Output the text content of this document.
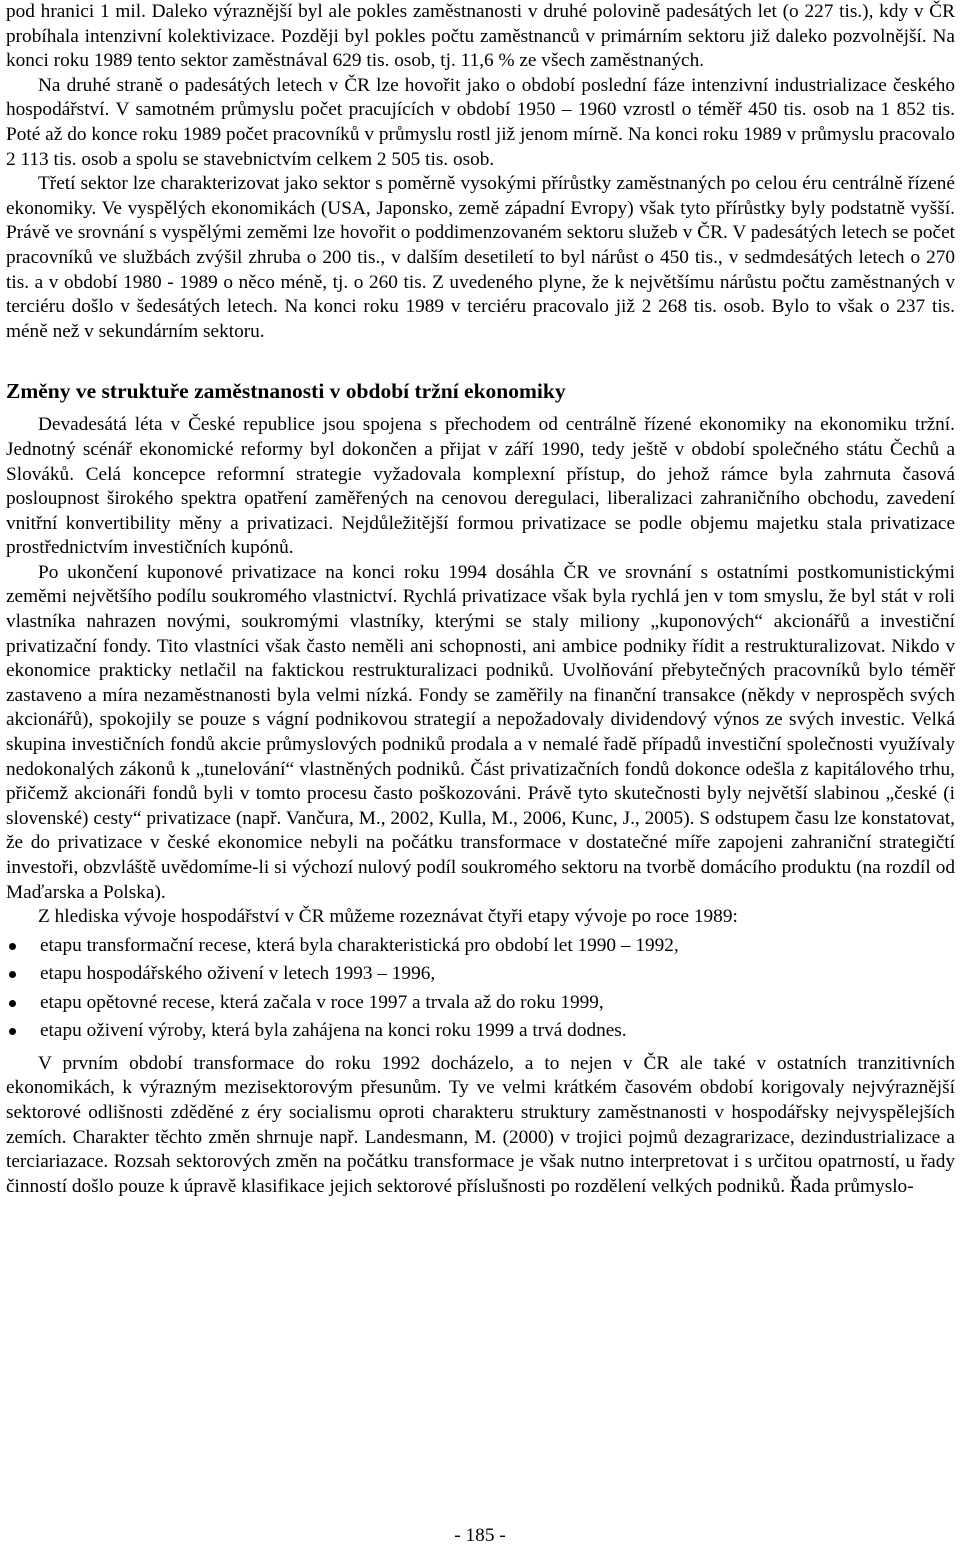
pod hranici 1 mil. Daleko výraznější byl ale pokles zaměstnanosti v druhé polovině padesátých let (o 227 tis.), kdy v ČR probíhala intenzivní kolektivizace. Později byl pokles počtu zaměstnanců v primárním sektoru již daleko pozvolnější. Na konci roku 1989 tento sektor zaměstnával 629 tis. osob, tj. 11,6 % ze všech zaměstnaných.

Na druhé straně o padesátých letech v ČR lze hovořit jako o období poslední fáze intenzivní industrializace českého hospodářství. V samotném průmyslu počet pracujících v období 1950 – 1960 vzrostl o téměř 450 tis. osob na 1 852 tis. Poté až do konce roku 1989 počet pracovníků v průmyslu rostl již jenom mírně. Na konci roku 1989 v průmyslu pracovalo 2 113 tis. osob a spolu se stavebnictvím celkem 2 505 tis. osob.

Třetí sektor lze charakterizovat jako sektor s poměrně vysokými přírůstky zaměstnaných po celou éru centrálně řízené ekonomiky. Ve vyspělých ekonomikách (USA, Japonsko, země západní Evropy) však tyto přírůstky byly podstatně vyšší. Právě ve srovnání s vyspělými zeměmi lze hovořit o poddimenzovaném sektoru služeb v ČR. V padesátých letech se počet pracovníků ve službách zvýšil zhruba o 200 tis., v dalším desetiletí to byl nárůst o 450 tis., v sedmdesátých letech o 270 tis. a v období 1980 - 1989 o něco méně, tj. o 260 tis. Z uvedeného plyne, že k největšímu nárůstu počtu zaměstnaných v terciéru došlo v šedesátých letech. Na konci roku 1989 v terciéru pracovalo již 2 268 tis. osob. Bylo to však o 237 tis. méně než v sekundárním sektoru.

Změny ve struktuře zaměstnanosti v období tržní ekonomiky

Devadesátá léta v České republice jsou spojena s přechodem od centrálně řízené ekonomiky na ekonomiku tržní. Jednotný scénář ekonomické reformy byl dokončen a přijat v září 1990, tedy ještě v období společného státu Čechů a Slováků. Celá koncepce reformní strategie vyžadovala komplexní přístup, do jehož rámce byla zahrnuta časová posloupnost širokého spektra opatření zaměřených na cenovou deregulaci, liberalizaci zahraničního obchodu, zavedení vnitřní konvertibility měny a privatizaci. Nejdůležitější formou privatizace se podle objemu majetku stala privatizace prostřednictvím investičních kupónů.

Po ukončení kuponové privatizace na konci roku 1994 dosáhla ČR ve srovnání s ostatními postkomunistickými zeměmi největšího podílu soukromého vlastnictví. Rychlá privatizace však byla rychlá jen v tom smyslu, že byl stát v roli vlastníka nahrazen novými, soukromými vlastníky, kterými se staly miliony „kuponových“ akcionářů a investiční privatizační fondy. Tito vlastníci však často neměli ani schopnosti, ani ambice podniky řídit a restrukturalizovat. Nikdo v ekonomice prakticky netlačil na faktickou restrukturalizaci podniků. Uvolňování přebytečných pracovníků bylo téměř zastaveno a míra nezaměstnanosti byla velmi nízká. Fondy se zaměřily na finanční transakce (někdy v neprospěch svých akcionářů), spokojily se pouze s vágní podnikovou strategií a nepožadovaly dividendový výnos ze svých investic. Velká skupina investičních fondů akcie průmyslových podniků prodala a v nemalé řadě případů investiční společnosti využívaly nedokonalých zákonů k „tunelování“ vlastněných podniků. Část privatizačních fondů dokonce odešla z kapitálového trhu, přičemž akcionáři fondů byli v tomto procesu často poškozováni. Právě tyto skutečnosti byly největší slabinou „české (i slovenské) cesty“ privatizace (např. Vančura, M., 2002, Kulla, M., 2006, Kunc, J., 2005). S odstupem času lze konstatovat, že do privatizace v české ekonomice nebyli na počátku transformace v dostatečné míře zapojeni zahraniční strategičtí investoři, obzvláště uvědomíme-li si výchozí nulový podíl soukromého sektoru na tvorbě domácího produktu (na rozdíl od Maďarska a Polska).

Z hlediska vývoje hospodářství v ČR můžeme rozeznávat čtyři etapy vývoje po roce 1989:

etapu transformační recese, která byla charakteristická pro období let 1990 – 1992,
etapu hospodářského oživení v letech 1993 – 1996,
etapu opětovné recese, která začala v roce 1997 a trvala až do roku 1999,
etapu oživení výroby, která byla zahájena na konci roku 1999 a trvá dodnes.

V prvním období transformace do roku 1992 docházelo, a to nejen v ČR ale také v ostatních tranzitivních ekonomikách, k výrazným mezisektorovým přesunům. Ty ve velmi krátkém časovém období korigovaly nejvýraznější sektorové odlišnosti zděděné z éry socialismu oproti charakteru struktury zaměstnanosti v hospodářsky nejvyspělejších zemích. Charakter těchto změn shrnuje např. Landesmann, M. (2000) v trojici pojmů dezagrarizace, dezindustrializace a terciariazace. Rozsah sektorových změn na počátku transformace je však nutno interpretovat i s určitou opatrností, u řady činností došlo pouze k úpravě klasifikace jejich sektorové příslušnosti po rozdělení velkých podniků. Řada průmyslo-

- 185 -
